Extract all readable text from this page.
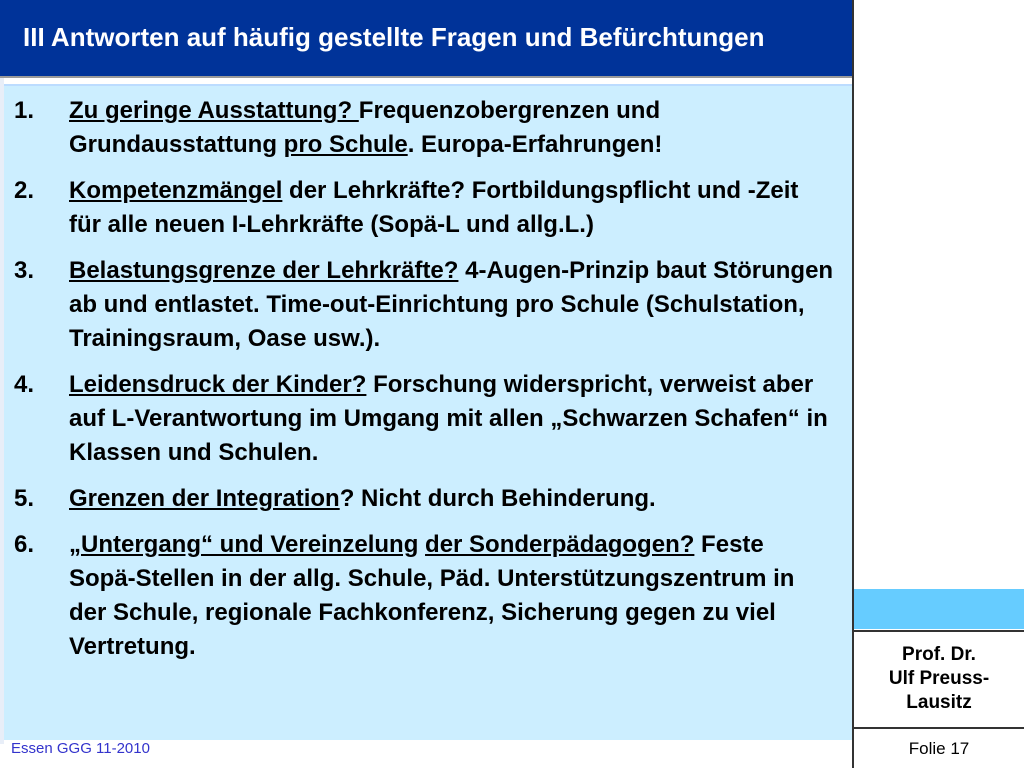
III Antworten auf häufig gestellte Fragen und Befürchtungen
Prof. Dr.
Ulf Preuss-
Lausitz
Folie 17
1. Zu geringe Ausstattung? Frequenzobergrenzen und Grundausstattung pro Schule. Europa-Erfahrungen!
2. Kompetenzmängel der Lehrkräfte? Fortbildungspflicht und -Zeit für alle neuen I-Lehrkräfte (Sopä-L und allg.L.)
3. Belastungsgrenze der Lehrkräfte? 4-Augen-Prinzip baut Störungen ab und entlastet. Time-out-Einrichtung pro Schule (Schulstation, Trainingsraum, Oase usw.).
4. Leidensdruck der Kinder? Forschung widerspricht, verweist aber auf L-Verantwortung im Umgang mit allen „Schwarzen Schafen“ in Klassen und Schulen.
5. Grenzen der Integration? Nicht durch Behinderung.
6. „Untergang“ und Vereinzelung der Sonderpädagogen? Feste Sopä-Stellen in der allg. Schule, Päd. Unterstützungszentrum in der Schule, regionale Fachkonferenz, Sicherung gegen zu viel Vertretung.
Essen GGG 11-2010
